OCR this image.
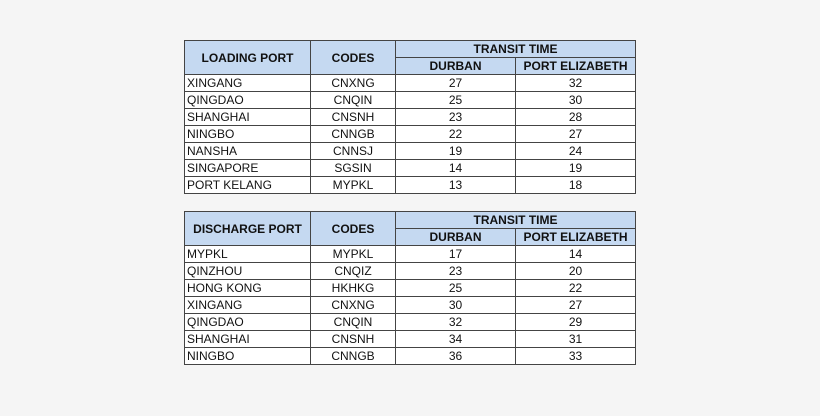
LOADING PORT	CODES	TRANSIT TIME	
		DURBAN	PORT ELIZABETH
XINGANG	CNXNG	27	32
QINGDAO	CNQIN	25	30
SHANGHAI	CNSNH	23	28
NINGBO	CNNGB	22	27
NANSHA	CNNSJ	19	24
SINGAPORE	SGSIN	14	19
PORT KELANG	MYPKL	13	18
DISCHARGE PORT	CODES	TRANSIT TIME	
		DURBAN	PORT ELIZABETH
MYPKL	MYPKL	17	14
QINZHOU	CNQIZ	23	20
HONG KONG	HKHKG	25	22
XINGANG	CNXNG	30	27
QINGDAO	CNQIN	32	29
SHANGHAI	CNSNH	34	31
NINGBO	CNNGB	36	33
